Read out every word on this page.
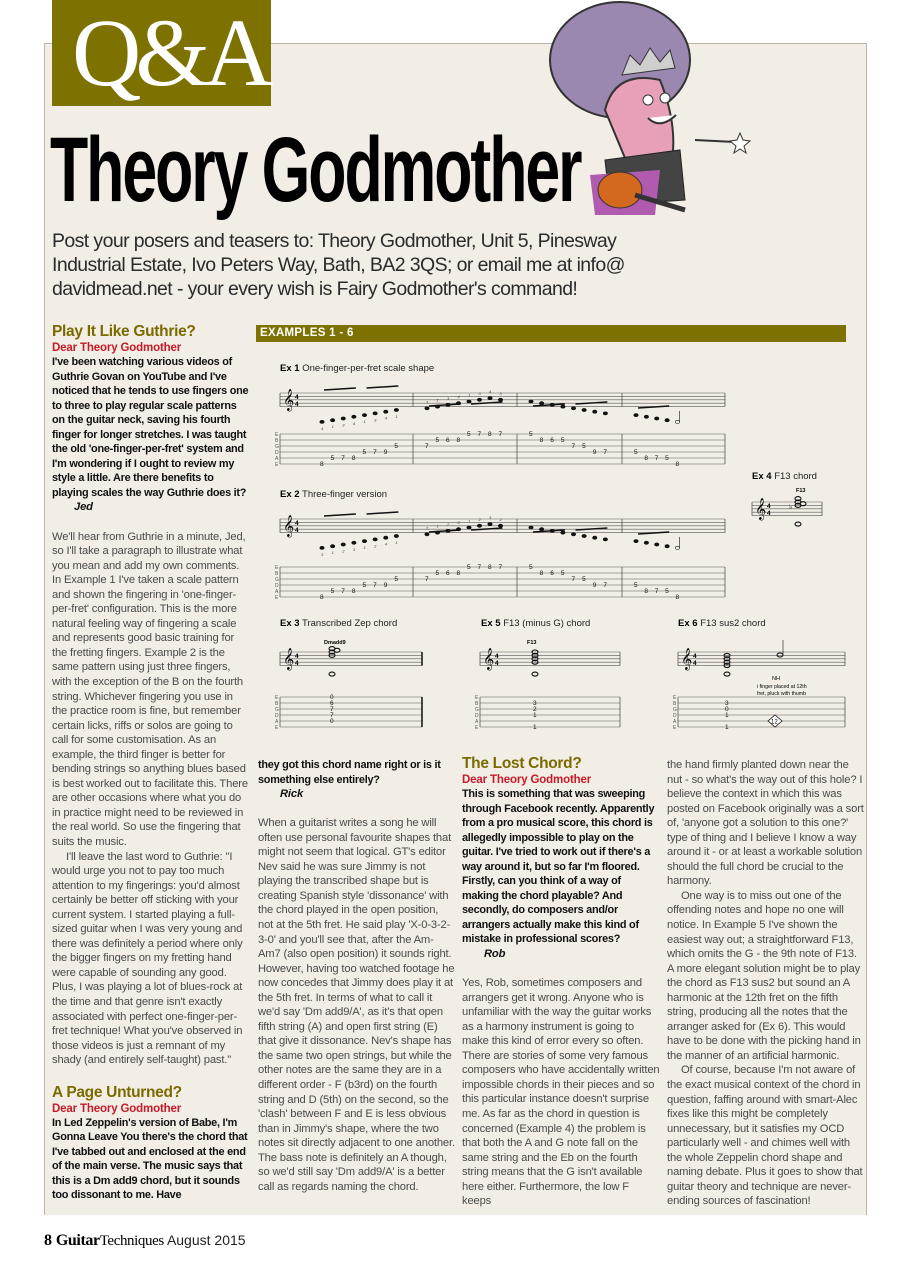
Q&A
Theory Godmother
Post your posers and teasers to: Theory Godmother, Unit 5, Pinesway Industrial Estate, Ivo Peters Way, Bath, BA2 3QS; or email me at info@ davidmead.net - your every wish is Fairy Godmother's command!
Play It Like Guthrie?
Dear Theory Godmother

I've been watching various videos of Guthrie Govan on YouTube and I've noticed that he tends to use fingers one to three to play regular scale patterns on the guitar neck, saving his fourth finger for longer stretches. I was taught the old 'one-finger-per-fret' system and I'm wondering if I ought to review my style a little. Are there benefits to playing scales the way Guthrie does it?

Jed

We'll hear from Guthrie in a minute, Jed, so I'll take a paragraph to illustrate what you mean and add my own comments. In Example 1 I've taken a scale pattern and shown the fingering in 'one-finger-per-fret' configuration. This is the more natural feeling way of fingering a scale and represents good basic training for the fretting fingers. Example 2 is the same pattern using just three fingers, with the exception of the B on the fourth string. Whichever fingering you use in the practice room is fine, but remember certain licks, riffs or solos are going to call for some customisation. As an example, the third finger is better for bending strings so anything blues based is best worked out to facilitate this. There are other occasions where what you do in practice might need to be reviewed in the real world. So use the fingering that suits the music.

I'll leave the last word to Guthrie: "I would urge you not to pay too much attention to my fingerings: you'd almost certainly be better off sticking with your current system. I started playing a full-sized guitar when I was very young and there was definitely a period where only the bigger fingers on my fretting hand were capable of sounding any good. Plus, I was playing a lot of blues-rock at the time and that genre isn't exactly associated with perfect one-finger-per-fret technique! What you've observed in those videos is just a remnant of my shady (and entirely self-taught) past."

A Page Unturned?
Dear Theory Godmother

In Led Zeppelin's version of Babe, I'm Gonna Leave You there's the chord that I've tabbed out and enclosed at the end of the main verse. The music says that this is a Dm add9 chord, but it sounds too dissonant to me. Have

they got this chord name right or is it something else entirely?

Rick

When a guitarist writes a song he will often use personal favourite shapes that might not seem that logical. GT's editor Nev said he was sure Jimmy is not playing the transcribed shape but is creating Spanish style 'dissonance' with the chord played in the open position, not at the 5th fret. He said play 'X-0-3-2-3-0' and you'll see that, after the Am-Am7 (also open position) it sounds right. However, having too watched footage he now concedes that Jimmy does play it at the 5th fret. In terms of what to call it we'd say 'Dm add9/A', as it's that open fifth string (A) and open first string (E) that give it dissonance. Nev's shape has the same two open strings, but while the other notes are the same they are in a different order - F (b3rd) on the fourth string and D (5th) on the second, so the 'clash' between F and E is less obvious than in Jimmy's shape, where the two notes sit directly adjacent to one another. The bass note is definitely an A though, so we'd still say 'Dm add9/A' is a better call as regards naming the chord.

The Lost Chord?
Dear Theory Godmother

This is something that was sweeping through Facebook recently. Apparently from a pro musical score, this chord is allegedly impossible to play on the guitar. I've tried to work out if there's a way around it, but so far I'm floored. Firstly, can you think of a way of making the chord playable? And secondly, do composers and/or arrangers actually make this kind of mistake in professional scores?

Rob

Yes, Rob, sometimes composers and arrangers get it wrong. Anyone who is unfamiliar with the way the guitar works as a harmony instrument is going to make this kind of error every so often. There are stories of some very famous composers who have accidentally written impossible chords in their pieces and so this particular instance doesn't surprise me. As far as the chord in question is concerned (Example 4) the problem is that both the A and G note fall on the same string and the Eb on the fourth string means that the G isn't available here either. Furthermore, the low F keeps

the hand firmly planted down near the nut - so what's the way out of this hole? I believe the context in which this was posted on Facebook originally was a sort of, 'anyone got a solution to this one?' type of thing and I believe I know a way around it - or at least a workable solution should the full chord be crucial to the harmony.

One way is to miss out one of the offending notes and hope no one will notice. In Example 5 I've shown the easiest way out; a straightforward F13, which omits the G - the 9th note of F13. A more elegant solution might be to play the chord as F13 sus2 but sound an A harmonic at the 12th fret on the fifth string, producing all the notes that the arranger asked for (Ex 6). This would have to be done with the picking hand in the manner of an artificial harmonic.

Of course, because I'm not aware of the exact musical context of the chord in question, faffing around with smart-Alec fixes like this might be completely unnecessary, but it satisfies my OCD particularly well - and chimes well with the whole Zeppelin chord shape and naming debate. Plus it goes to show that guitar theory and technique are never-ending sources of fascination!

EXAMPLES 1 - 6
Ex 1 One-finger-per-fret scale shape
Ex 2 Three-finger version
Ex 4 F13 chord
Ex 3 Transcribed Zep chord	Ex 5 F13 (minus G) chord	Ex 6 F13 sus2 chord
𝄞 4
4
E
B
G
D
A
E	8
4
5
1
7
3
8
4
5
1
7
3
9
4
5
1
7
3
5
1
6
3
8
4
5
1
7
3
8
4
7
3
5
8 6 5
7 5
9 7	5
8 7 5
8
𝄞 4
4
E
B
G
D
A
E	8
3
5
1
7
2
8
3
5
1
7
2
9
4
5
1
7
2
5
1
6
2
8
3
5
1
7
2
8
3
7
2
5
8 6 5
7 5
9 7	5
8 7 5
8
𝄞 4
4
E
B
G
D
A
E
Dmadd9
0
6
7
7
0
𝄞 4
4
E
B
G
D
A
E
F13
3
2
1
1
𝄞 4
4
E
B
G
D
A
E
3
0
1
1
NH
i finger placed at 12th
fret, pluck with thumb
12
𝄞 4
4
F13
♭
8 GuitarTechniques August 2015
